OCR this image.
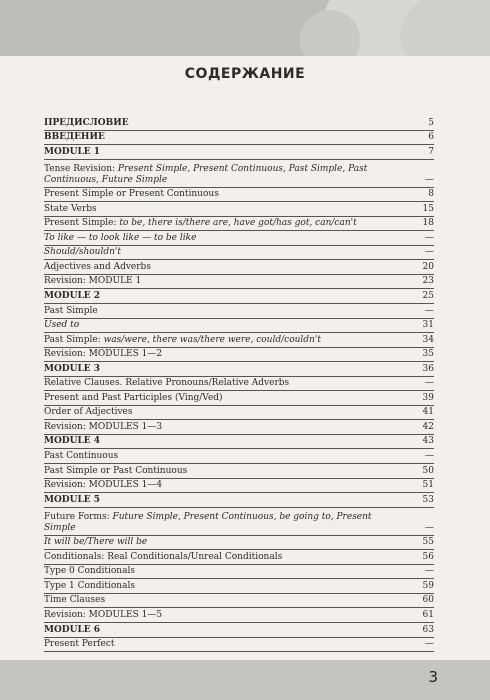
СОДЕРЖАНИЕ
ПРЕДИСЛОВИЕ	5
ВВЕДЕНИЕ	6
MODULE 1	7
Tense Revision: Present Simple, Present Continuous, Past Simple, Past Continuous, Future Simple	—
Present Simple or Present Continuous	8
State Verbs	15
Present Simple: to be, there is/there are, have got/has got, can/can't	18
To like — to look like — to be like	—
Should/shouldn't	—
Adjectives and Adverbs	20
Revision: MODULE 1	23
MODULE 2	25
Past Simple	—
Used to	31
Past Simple: was/were, there was/there were, could/couldn't	34
Revision: MODULES 1—2	35
MODULE 3	36
Relative Clauses. Relative Pronouns/Relative Adverbs	—
Present and Past Participles (Ving/Ved)	39
Order of Adjectives	41
Revision: MODULES 1—3	42
MODULE 4	43
Past Continuous	—
Past Simple or Past Continuous	50
Revision: MODULES 1—4	51
MODULE 5	53
Future Forms: Future Simple, Present Continuous, be going to, Present Simple	—
It will be/There will be	55
Conditionals: Real Conditionals/Unreal Conditionals	56
Type 0 Conditionals	—
Type 1 Conditionals	59
Time Clauses	60
Revision: MODULES 1—5	61
MODULE 6	63
Present Perfect	—
3
